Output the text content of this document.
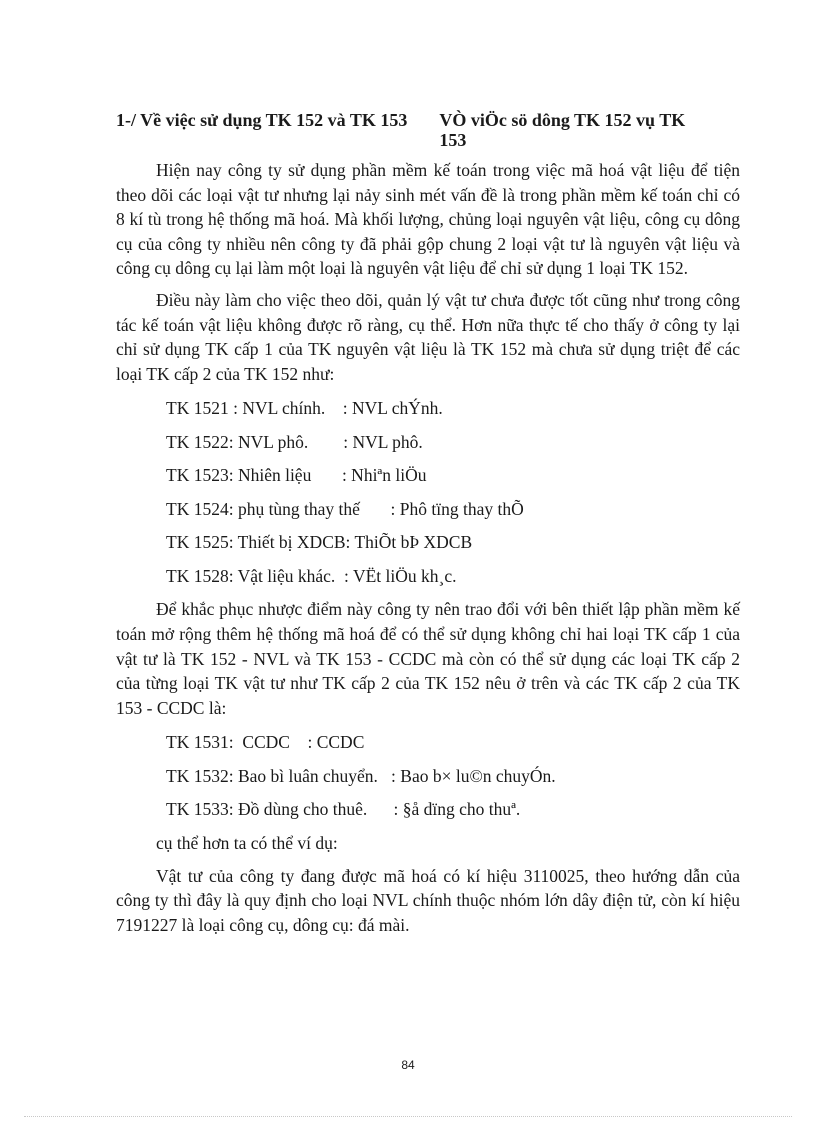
1-/ Về việc sử dụng TK 152 và TK 153 VÒ viÖc sö dông TK 152 vụ TK
153

Hiện nay công ty sử dụng phần mềm kế toán trong việc mã hoá vật liệu để tiện theo dõi các loại vật tư nhưng lại nảy sinh mét vấn đề là trong phần mềm kế toán chỉ có 8 kí tù trong hệ thống mã hoá. Mà khối lượng, chủng loại nguyên vật liệu, công cụ dông cụ của công ty nhiều nên công ty đã phải gộp chung 2 loại vật tư là nguyên vật liệu và công cụ dông cụ lại làm một loại là nguyên vật liệu để chỉ sử dụng 1 loại TK 152.

Điều này làm cho việc theo dõi, quản lý vật tư chưa được tốt cũng như trong công tác kế toán vật liệu không được rõ ràng, cụ thể. Hơn nữa thực tế cho thấy ở công ty lại chỉ sử dụng TK cấp 1 của TK nguyên vật liệu là TK 152 mà chưa sử dụng triệt để các loại TK cấp 2 của TK 152 như:

TK 1521 : NVL chính.    : NVL chÝnh.
TK 1522: NVL phô.        : NVL phô.
TK 1523: Nhiên liệu       : Nhiªn liÖu
TK 1524: phụ tùng thay thế       : Phô tïng thay thÕ
TK 1525: Thiết bị XDCB: ThiÕt bÞ XDCB
TK 1528: Vật liệu khác.  : VËt liÖu kh¸c.

Để khắc phục nhược điểm này công ty nên trao đổi với bên thiết lập phần mềm kế toán mở rộng thêm hệ thống mã hoá để có thể sử dụng không chỉ hai loại TK cấp 1 của vật tư là TK 152 - NVL và TK 153 - CCDC mà còn có thể sử dụng các loại TK cấp 2 của từng loại TK vật tư như TK cấp 2 của TK 152 nêu ở trên và các TK cấp 2 của TK 153 - CCDC là:

TK 1531:  CCDC    : CCDC
TK 1532: Bao bì luân chuyển.   : Bao b× lu©n chuyÓn.
TK 1533: Đồ dùng cho thuê.      : §å dïng cho thuª.

cụ thể hơn ta có thể ví dụ:

Vật tư của công ty đang được mã hoá có kí hiệu 3110025, theo hướng dẫn của công ty thì đây là quy định cho loại NVL chính thuộc nhóm lớn dây điện tử, còn kí hiệu 7191227 là loại công cụ, dông cụ: đá mài.

84
